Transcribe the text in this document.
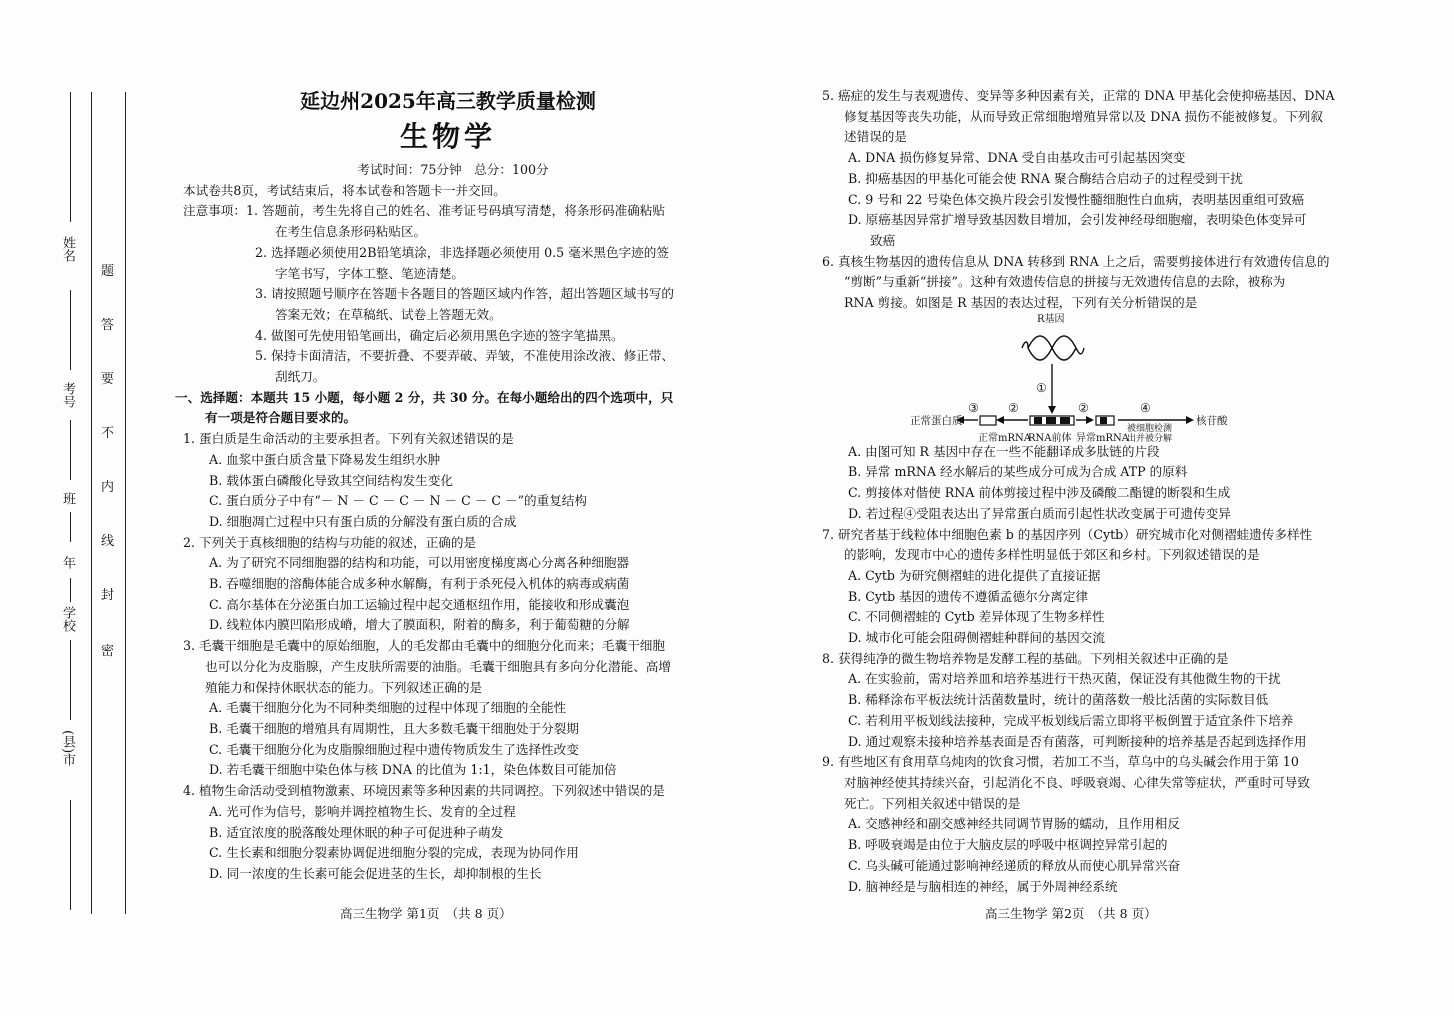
姓名
考号
班
年
学校
(县)市
密
封
线
内
不
要
答
题
延边州2025年高三教学质量检测
生物学
考试时间：75分钟　总分：100分
本试卷共8页，考试结束后，将本试卷和答题卡一并交回。
注意事项：1. 答题前，考生先将自己的姓名、准考证号码填写清楚，将条形码准确粘贴
在考生信息条形码粘贴区。
2. 选择题必须使用2B铅笔填涂，非选择题必须使用 0.5 毫米黑色字迹的签
字笔书写，字体工整、笔迹清楚。
3. 请按照题号顺序在答题卡各题目的答题区域内作答，超出答题区域书写的
答案无效；在草稿纸、试卷上答题无效。
4. 做图可先使用铅笔画出，确定后必须用黑色字迹的签字笔描黑。
5. 保持卡面清洁，不要折叠、不要弄破、弄皱，不准使用涂改液、修正带、
刮纸刀。
一、选择题：本题共 15 小题，每小题 2 分，共 30 分。在每小题给出的四个选项中，只
有一项是符合题目要求的。
1. 蛋白质是生命活动的主要承担者。下列有关叙述错误的是
A. 血浆中蛋白质含量下降易发生组织水肿
B. 载体蛋白磷酸化导致其空间结构发生变化
C. 蛋白质分子中有“－ N － C － C － N － C － C －”的重复结构
D. 细胞凋亡过程中只有蛋白质的分解没有蛋白质的合成
2. 下列关于真核细胞的结构与功能的叙述，正确的是
A. 为了研究不同细胞器的结构和功能，可以用密度梯度离心分离各种细胞器
B. 吞噬细胞的溶酶体能合成多种水解酶，有利于杀死侵入机体的病毒或病菌
C. 高尔基体在分泌蛋白加工运输过程中起交通枢纽作用，能接收和形成囊泡
D. 线粒体内膜凹陷形成嵴，增大了膜面积，附着的酶多，利于葡萄糖的分解
3. 毛囊干细胞是毛囊中的原始细胞，人的毛发都由毛囊中的细胞分化而来；毛囊干细胞
也可以分化为皮脂腺，产生皮肤所需要的油脂。毛囊干细胞具有多向分化潜能、高增
殖能力和保持休眠状态的能力。下列叙述正确的是
A. 毛囊干细胞分化为不同种类细胞的过程中体现了细胞的全能性
B. 毛囊干细胞的增殖具有周期性，且大多数毛囊干细胞处于分裂期
C. 毛囊干细胞分化为皮脂腺细胞过程中遗传物质发生了选择性改变
D. 若毛囊干细胞中染色体与核 DNA 的比值为 1:1，染色体数目可能加倍
4. 植物生命活动受到植物激素、环境因素等多种因素的共同调控。下列叙述中错误的是
A. 光可作为信号，影响并调控植物生长、发育的全过程
B. 适宜浓度的脱落酸处理休眠的种子可促进种子萌发
C. 生长素和细胞分裂素协调促进细胞分裂的完成，表现为协同作用
D. 同一浓度的生长素可能会促进茎的生长，却抑制根的生长
5. 癌症的发生与表观遗传、变异等多种因素有关，正常的 DNA 甲基化会使抑癌基因、DNA
修复基因等丧失功能，从而导致正常细胞增殖异常以及 DNA 损伤不能被修复。下列叙
述错误的是
A. DNA 损伤修复异常、DNA 受自由基攻击可引起基因突变
B. 抑癌基因的甲基化可能会使 RNA 聚合酶结合启动子的过程受到干扰
C. 9 号和 22 号染色体交换片段会引发慢性髓细胞性白血病，表明基因重组可致癌
D. 原癌基因异常扩增导致基因数目增加，会引发神经母细胞瘤，表明染色体变异可
致癌
6. 真核生物基因的遗传信息从 DNA 转移到 RNA 上之后，需要剪接体进行有效遗传信息的
“剪断”与重新“拼接”。这种有效遗传信息的拼接与无效遗传信息的去除，被称为
RNA 剪接。如图是 R 基因的表达过程，下列有关分析错误的是
R基因
①
②	②
③	④
正常蛋白质
正常mRNA
RNA前体 异常mRNA
核苷酸
被细胞检测
出并被分解
A. 由图可知 R 基因中存在一些不能翻译成多肽链的片段
B. 异常 mRNA 经水解后的某些成分可成为合成 ATP 的原料
C. 剪接体对偕使 RNA 前体剪接过程中涉及磷酸二酯键的断裂和生成
D. 若过程④受阻表达出了异常蛋白质而引起性状改变属于可遗传变异
7. 研究者基于线粒体中细胞色素 b 的基因序列（Cytb）研究城市化对侧褶蛙遗传多样性
的影响，发现市中心的遗传多样性明显低于郊区和乡村。下列叙述错误的是
A. Cytb 为研究侧褶蛙的进化提供了直接证据
B. Cytb 基因的遗传不遵循孟德尔分离定律
C. 不同侧褶蛙的 Cytb 差异体现了生物多样性
D. 城市化可能会阻碍侧褶蛙种群间的基因交流
8. 获得纯净的微生物培养物是发酵工程的基础。下列相关叙述中正确的是
A. 在实验前，需对培养皿和培养基进行干热灭菌，保证没有其他微生物的干扰
B. 稀释涂布平板法统计活菌数量时，统计的菌落数一般比活菌的实际数目低
C. 若利用平板划线法接种，完成平板划线后需立即将平板倒置于适宜条件下培养
D. 通过观察未接种培养基表面是否有菌落，可判断接种的培养基是否起到选择作用
9. 有些地区有食用草乌炖肉的饮食习惯，若加工不当，草乌中的乌头碱会作用于第 10
对脑神经使其持续兴奋，引起消化不良、呼吸衰竭、心律失常等症状，严重时可导致
死亡。下列相关叙述中错误的是
A. 交感神经和副交感神经共同调节胃肠的蠕动，且作用相反
B. 呼吸衰竭是由位于大脑皮层的呼吸中枢调控异常引起的
C. 乌头碱可能通过影响神经递质的释放从而使心肌异常兴奋
D. 脑神经是与脑相连的神经，属于外周神经系统
高三生物学 第1页　（共 8 页）	高三生物学 第2页　（共 8 页）
